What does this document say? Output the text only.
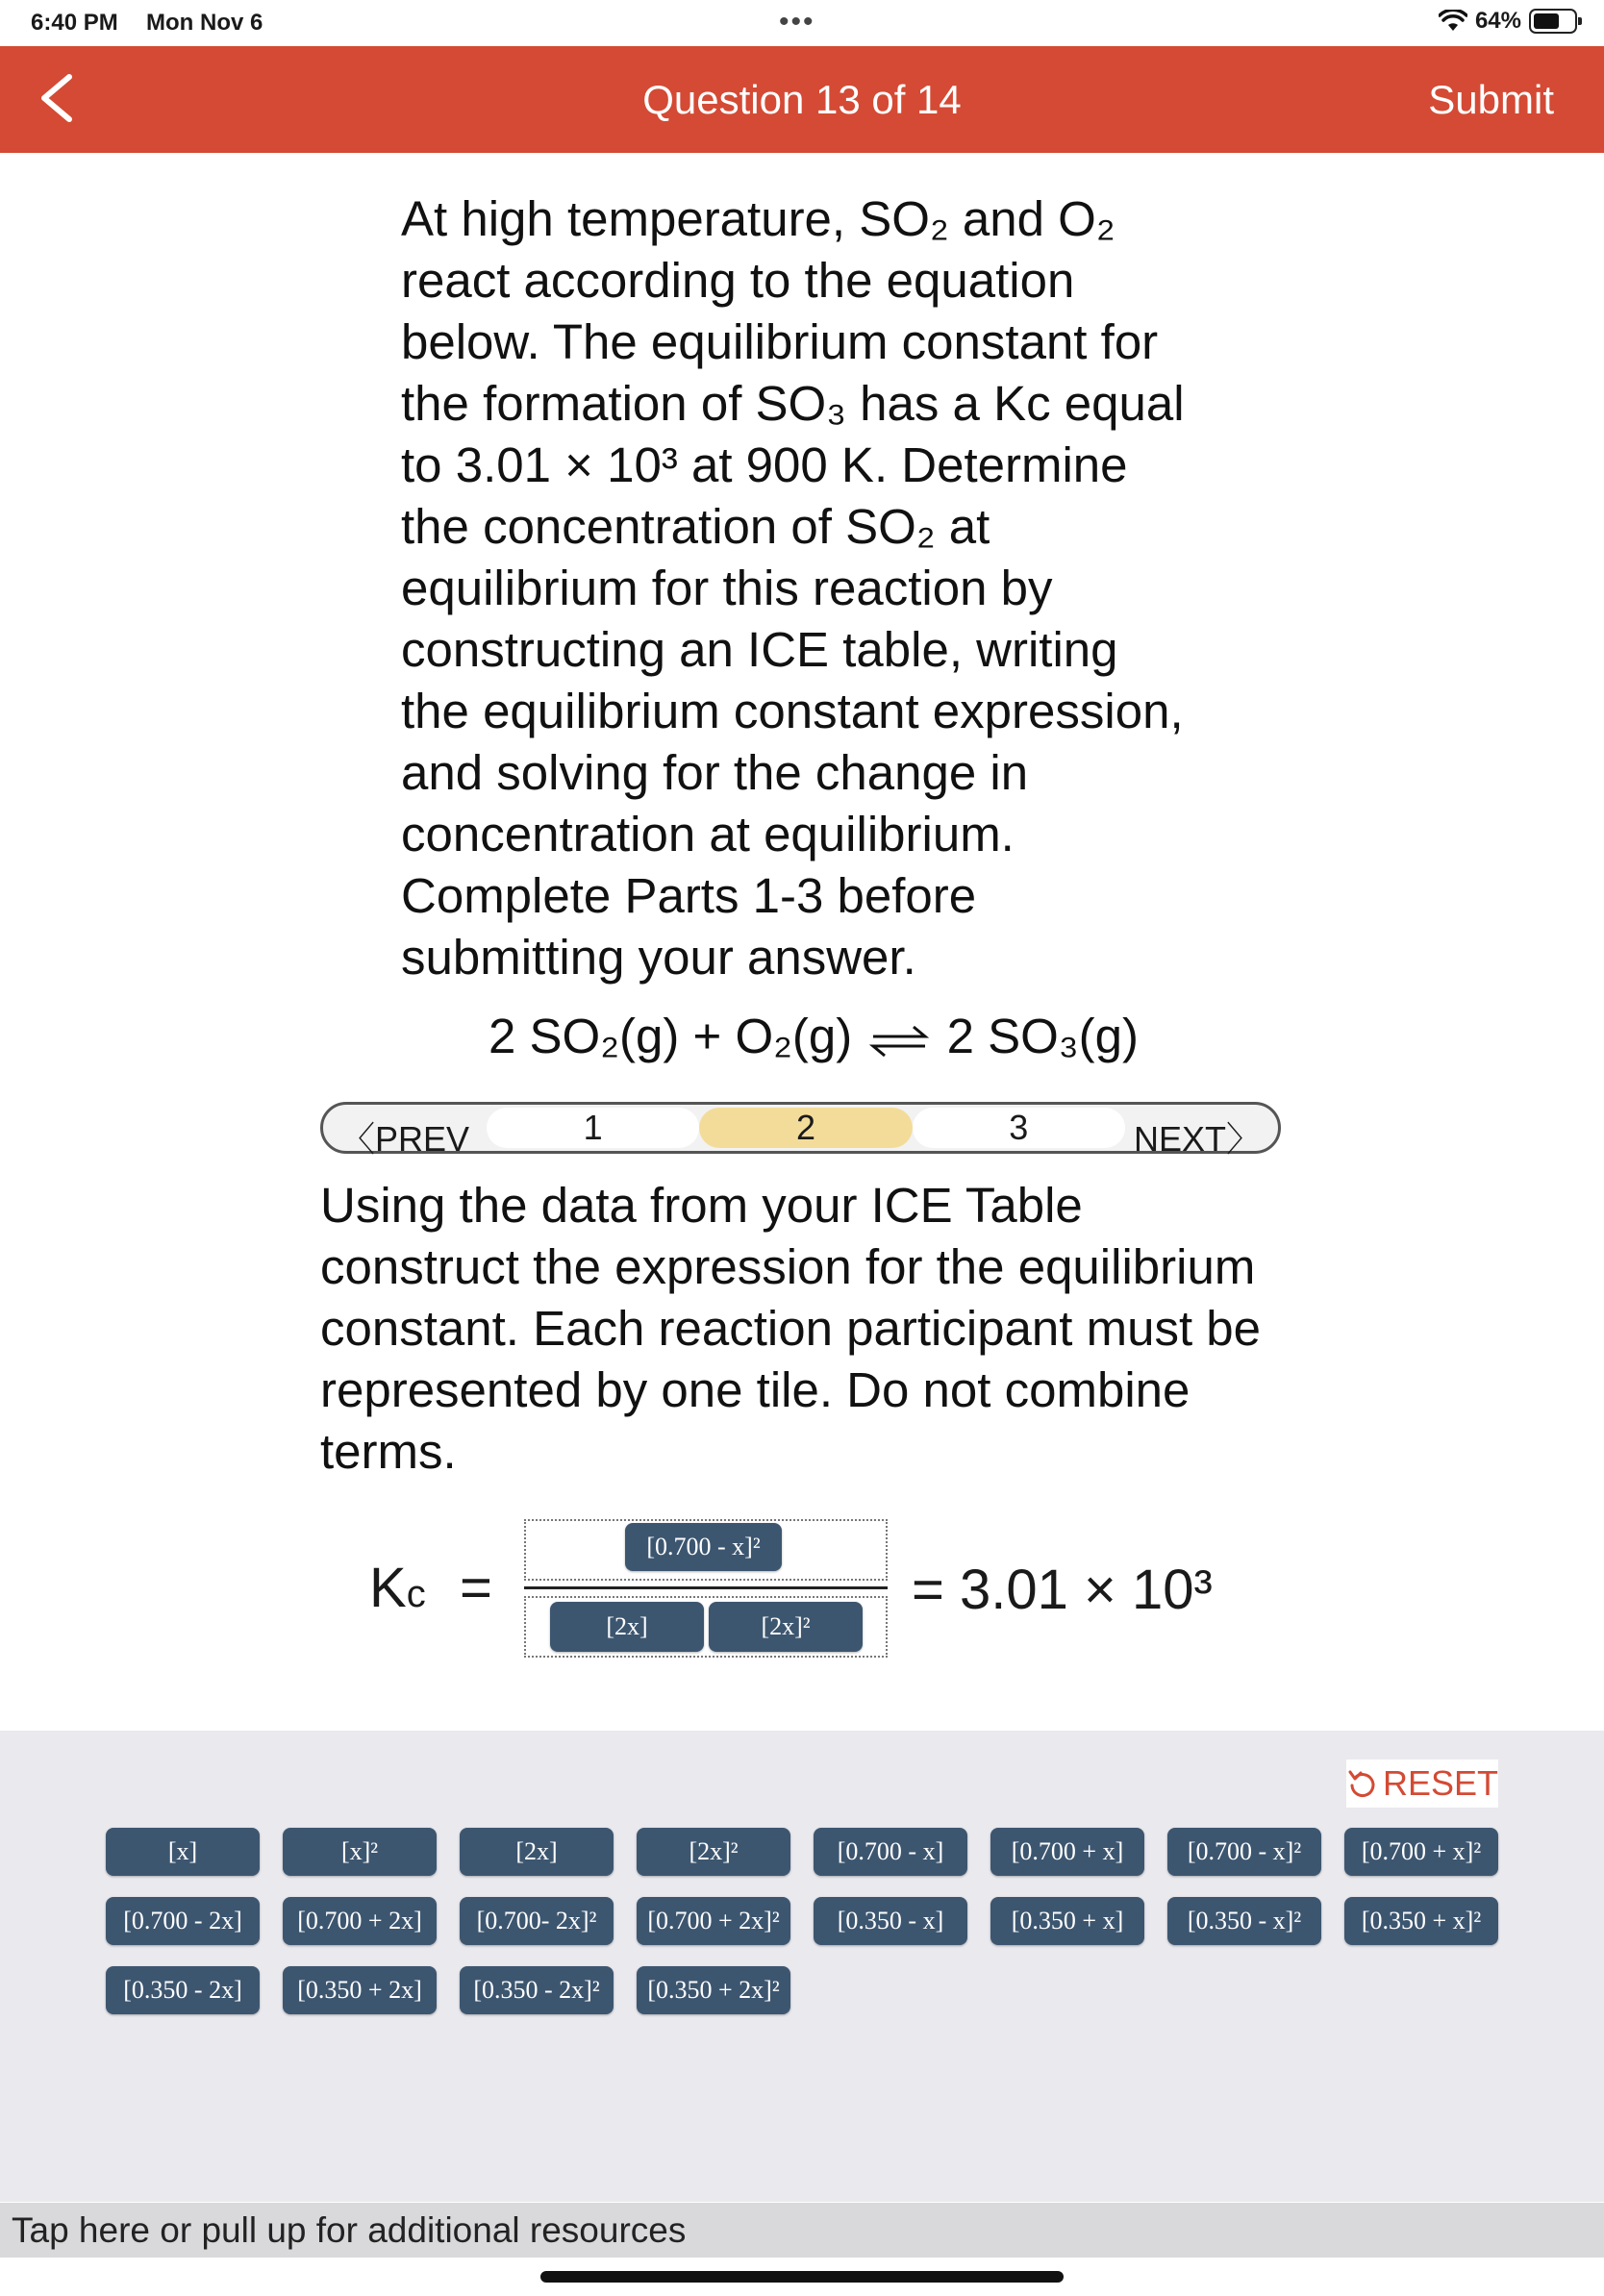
6:40 PM Mon Nov 6	•••	64%
Question 13 of 14	Submit
At high temperature, SO₂ and O₂
react according to the equation
below. The equilibrium constant for
the formation of SO₃ has a Kc equal
to 3.01 × 10³ at 900 K. Determine
the concentration of SO₂ at
equilibrium for this reaction by
constructing an ICE table, writing
the equilibrium constant expression,
and solving for the change in
concentration at equilibrium.
Complete Parts 1-3 before
submitting your answer.
2 SO₂(g) + O₂(g) ⇌ 2 SO₃(g)
〈PREV	1	2	3	NEXT〉
Using the data from your ICE Table
construct the expression for the equilibrium
constant. Each reaction participant must be
represented by one tile. Do not combine
terms.
Kc =
[0.700 - x]²
[2x]	[2x]²
= 3.01 × 10³
RESET
[x]	[x]²	[2x]	[2x]²	[0.700 - x]	[0.700 + x]	[0.700 - x]²	[0.700 + x]²
[0.700 - 2x]	[0.700 + 2x]	[0.700- 2x]²	[0.700 + 2x]²	[0.350 - x]	[0.350 + x]	[0.350 - x]²	[0.350 + x]²
[0.350 - 2x]	[0.350 + 2x]	[0.350 - 2x]²	[0.350 + 2x]²
Tap here or pull up for additional resources
